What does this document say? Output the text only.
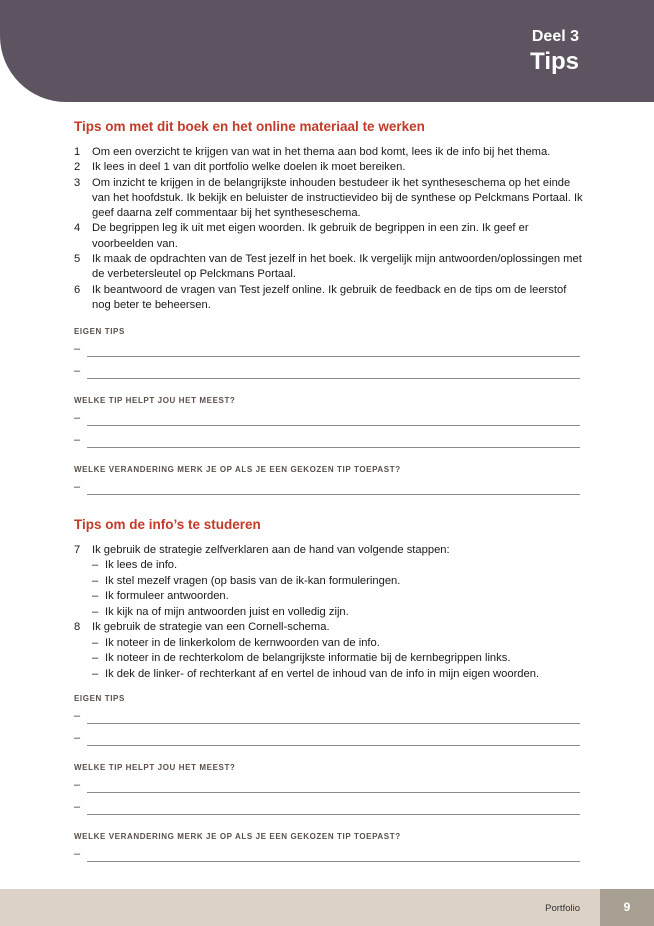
Deel 3
Tips
Tips om met dit boek en het online materiaal te werken
1 Om een overzicht te krijgen van wat in het thema aan bod komt, lees ik de info bij het thema.
2 Ik lees in deel 1 van dit portfolio welke doelen ik moet bereiken.
3 Om inzicht te krijgen in de belangrijkste inhouden bestudeer ik het syntheseschema op het einde van het hoofdstuk. Ik bekijk en beluister de instructievideo bij de synthese op Pelckmans Portaal. Ik geef daarna zelf commentaar bij het syntheseschema.
4 De begrippen leg ik uit met eigen woorden. Ik gebruik de begrippen in een zin. Ik geef er voorbeelden van.
5 Ik maak de opdrachten van de Test jezelf in het boek. Ik vergelijk mijn antwoorden/oplossingen met de verbetersleutel op Pelckmans Portaal.
6 Ik beantwoord de vragen van Test jezelf online. Ik gebruik de feedback en de tips om de leerstof nog beter te beheersen.
EIGEN TIPS
–
–
WELKE TIP HELPT JOU HET MEEST?
–
–
WELKE VERANDERING MERK JE OP ALS JE EEN GEKOZEN TIP TOEPAST?
–
Tips om de info’s te studeren
7 Ik gebruik de strategie zelfverklaren aan de hand van volgende stappen:
– Ik lees de info.
– Ik stel mezelf vragen (op basis van de ik-kan formuleringen.
– Ik formuleer antwoorden.
– Ik kijk na of mijn antwoorden juist en volledig zijn.
8 Ik gebruik de strategie van een Cornell-schema.
– Ik noteer in de linkerkolom de kernwoorden van de info.
– Ik noteer in de rechterkolom de belangrijkste informatie bij de kernbegrippen links.
– Ik dek de linker- of rechterkant af en vertel de inhoud van de info in mijn eigen woorden.
EIGEN TIPS
–
–
WELKE TIP HELPT JOU HET MEEST?
–
–
WELKE VERANDERING MERK JE OP ALS JE EEN GEKOZEN TIP TOEPAST?
–
Portfolio	9
